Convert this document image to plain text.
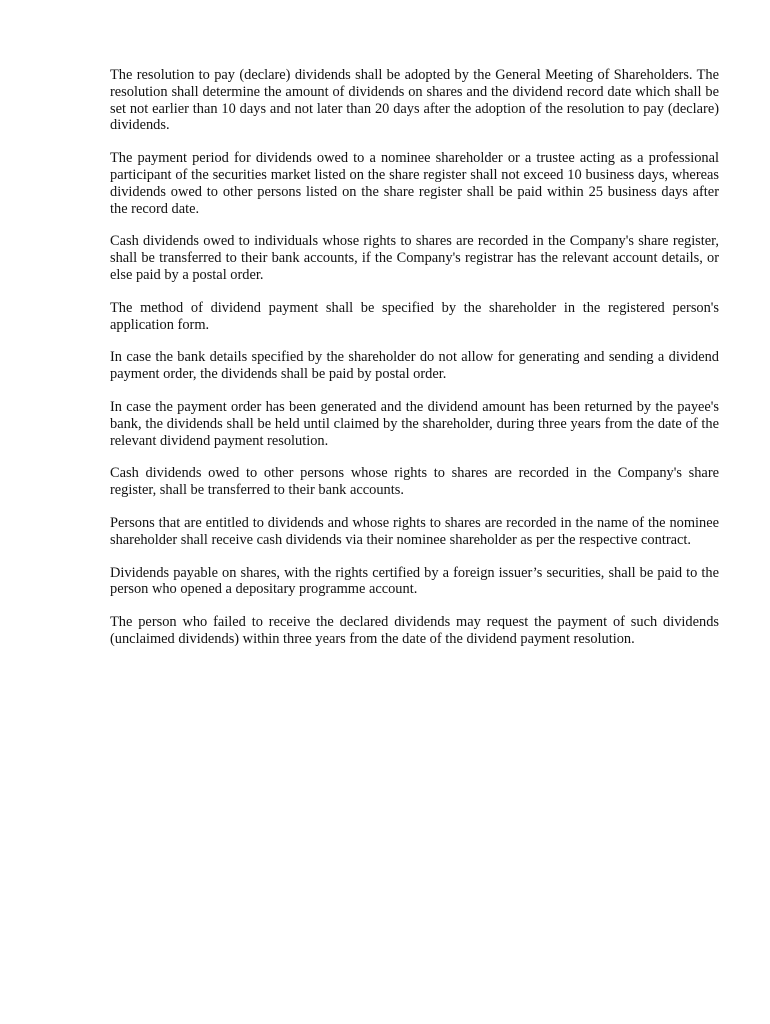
The resolution to pay (declare) dividends shall be adopted by the General Meeting of Shareholders. The resolution shall determine the amount of dividends on shares and the dividend record date which shall be set not earlier than 10 days and not later than 20 days after the adoption of the resolution to pay (declare) dividends.

The payment period for dividends owed to a nominee shareholder or a trustee acting as a professional participant of the securities market listed on the share register shall not exceed 10 business days, whereas dividends owed to other persons listed on the share register shall be paid within 25 business days after the record date.

Cash dividends owed to individuals whose rights to shares are recorded in the Company's share register, shall be transferred to their bank accounts, if the Company's registrar has the relevant account details, or else paid by a postal order.

The method of dividend payment shall be specified by the shareholder in the registered person's application form.

In case the bank details specified by the shareholder do not allow for generating and sending a dividend payment order, the dividends shall be paid by postal order.

In case the payment order has been generated and the dividend amount has been returned by the payee's bank, the dividends shall be held until claimed by the shareholder, during three years from the date of the relevant dividend payment resolution.

Cash dividends owed to other persons whose rights to shares are recorded in the Company's share register, shall be transferred to their bank accounts.

Persons that are entitled to dividends and whose rights to shares are recorded in the name of the nominee shareholder shall receive cash dividends via their nominee shareholder as per the respective contract.

Dividends payable on shares, with the rights certified by a foreign issuer’s securities, shall be paid to the person who opened a depositary programme account.

The person who failed to receive the declared dividends may request the payment of such dividends (unclaimed dividends) within three years from the date of the dividend payment resolution.
